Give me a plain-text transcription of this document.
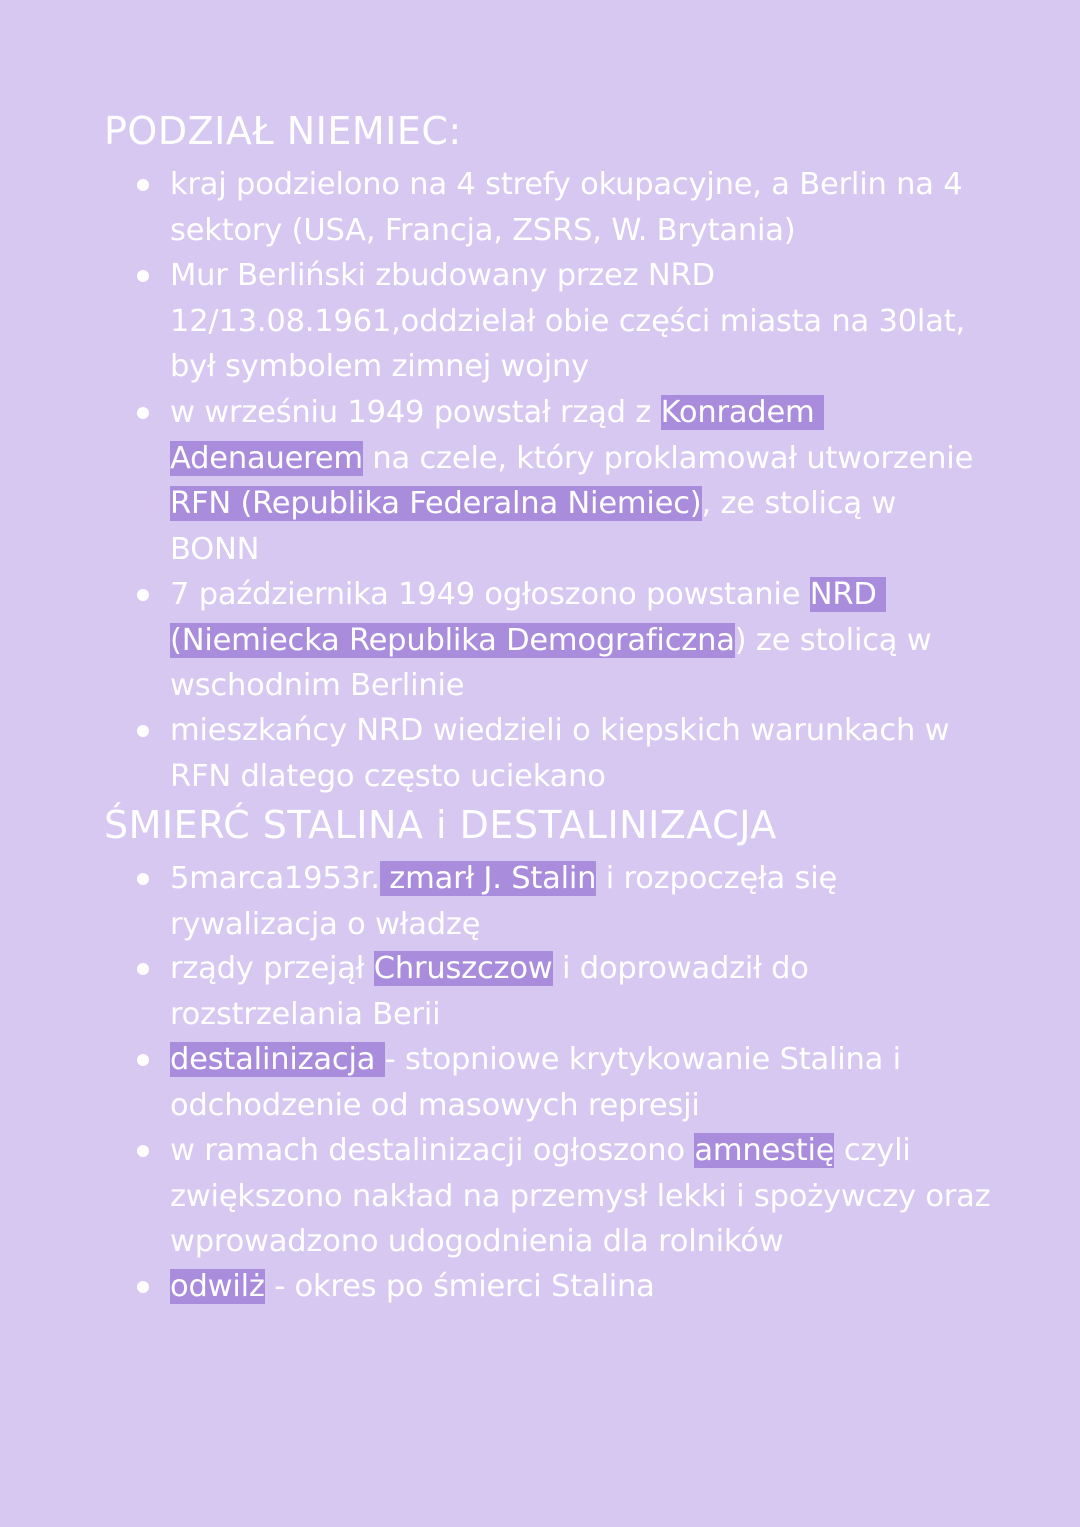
PODZIAŁ NIEMIEC:
kraj podzielono na 4 strefy okupacyjne, a Berlin na 4
sektory (USA, Francja, ZSRS, W. Brytania)
Mur Berliński zbudowany przez NRD
12/13.08.1961,oddzielał obie części miasta na 30lat,
był symbolem zimnej wojny
w wrześniu 1949 powstał rząd z Konradem
Adenauerem na czele, który proklamował utworzenie
RFN (Republika Federalna Niemiec), ze stolicą w
BONN
7 października 1949 ogłoszono powstanie NRD
(Niemiecka Republika Demograficzna) ze stolicą w
wschodnim Berlinie
mieszkańcy NRD wiedzieli o kiepskich warunkach w
RFN dlatego często uciekano
ŚMIERĆ STALINA i DESTALINIZACJA
5marca1953r. zmarł J. Stalin i rozpoczęła się
rywalizacja o władzę
rządy przejął Chruszczow i doprowadził do
rozstrzelania Berii
destalinizacja - stopniowe krytykowanie Stalina i
odchodzenie od masowych represji
w ramach destalinizacji ogłoszono amnestię czyli
zwiększono nakład na przemysł lekki i spożywczy oraz
wprowadzono udogodnienia dla rolników
odwilż - okres po śmierci Stalina
